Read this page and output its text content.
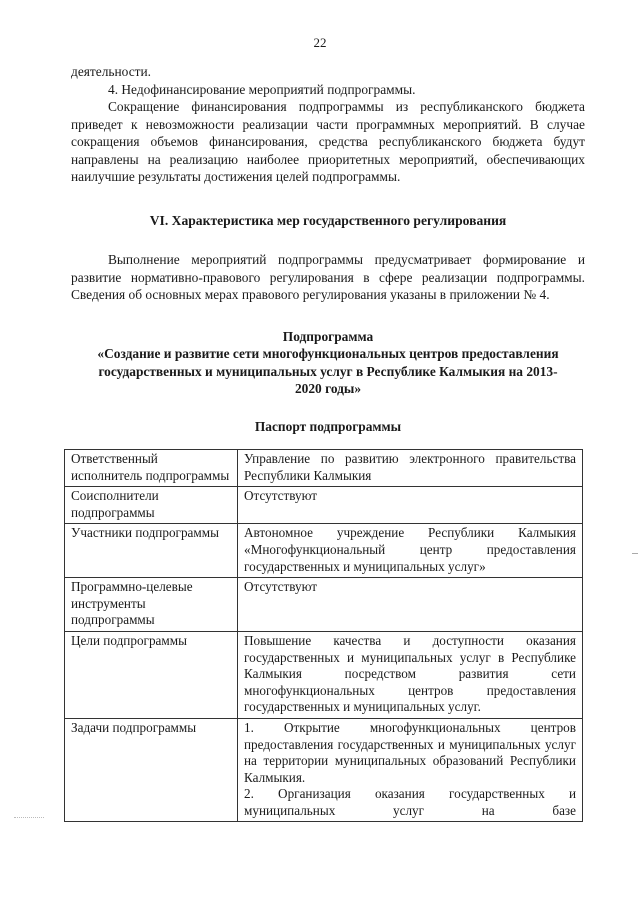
22

деятельности.

4. Недофинансирование мероприятий подпрограммы.

Сокращение финансирования подпрограммы из республиканского бюджета приведет к невозможности реализации части программных мероприятий. В случае сокращения объемов финансирования, средства республиканского бюджета будут направлены на реализацию наиболее приоритетных мероприятий, обеспечивающих наилучшие результаты достижения целей подпрограммы.

VI. Характеристика мер государственного регулирования

Выполнение мероприятий подпрограммы предусматривает формирование и развитие нормативно-правового регулирования в сфере реализации подпрограммы. Сведения об основных мерах правового регулирования указаны в приложении № 4.

Подпрограмма

«Создание и развитие сети многофункциональных центров предоставления
государственных и муниципальных услуг в Республике Калмыкия на 2013-
2020 годы»

Паспорт подпрограммы

Ответственный исполнитель подпрограммы	Управление по развитию электронного правительства Республики Калмыкия
Соисполнители подпрограммы	Отсутствуют
Участники подпрограммы	Автономное учреждение Республики Калмыкия «Многофункциональный центр предоставления государственных и муниципальных услуг»
Программно-целевые инструменты подпрограммы	Отсутствуют
Цели подпрограммы	Повышение качества и доступности оказания государственных и муниципальных услуг в Республике Калмыкия посредством развития сети многофункциональных центров предоставления государственных и муниципальных услуг.
Задачи подпрограммы	1. Открытие многофункциональных центров предоставления государственных и муниципальных услуг на территории муниципальных образований Республики Калмыкия.
2. Организация оказания государственных и муниципальных услуг на базе
